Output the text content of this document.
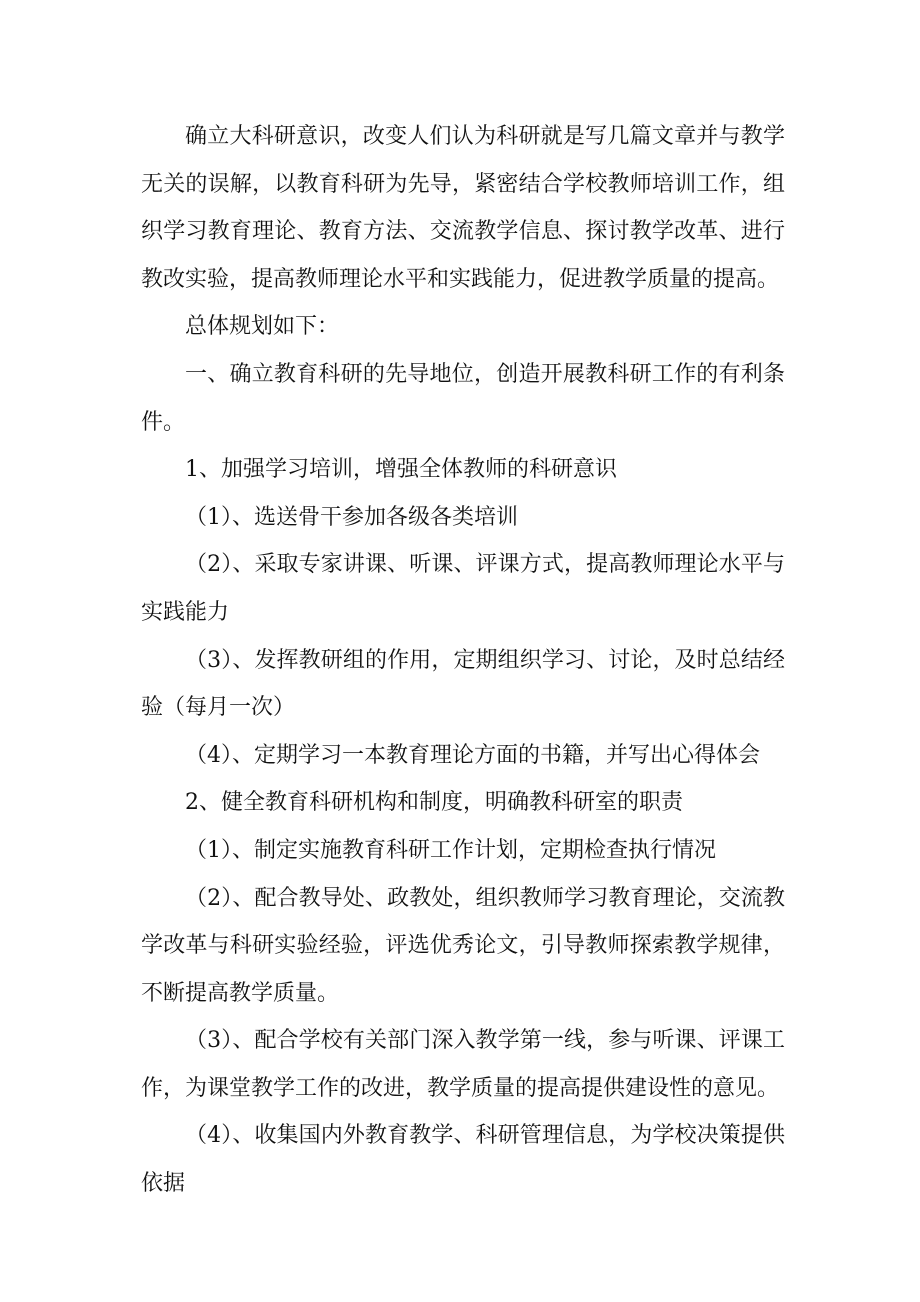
确立大科研意识，改变人们认为科研就是写几篇文章并与教学无关的误解，以教育科研为先导，紧密结合学校教师培训工作，组织学习教育理论、教育方法、交流教学信息、探讨教学改革、进行教改实验，提高教师理论水平和实践能力，促进教学质量的提高。

总体规划如下：

一、确立教育科研的先导地位，创造开展教科研工作的有利条件。

1、加强学习培训，增强全体教师的科研意识

（1）、选送骨干参加各级各类培训

（2）、采取专家讲课、听课、评课方式，提高教师理论水平与实践能力

（3）、发挥教研组的作用，定期组织学习、讨论，及时总结经验（每月一次）

（4）、定期学习一本教育理论方面的书籍，并写出心得体会

2、健全教育科研机构和制度，明确教科研室的职责

（1）、制定实施教育科研工作计划，定期检查执行情况

（2）、配合教导处、政教处，组织教师学习教育理论，交流教学改革与科研实验经验，评选优秀论文，引导教师探索教学规律，不断提高教学质量。

（3）、配合学校有关部门深入教学第一线，参与听课、评课工作，为课堂教学工作的改进，教学质量的提高提供建设性的意见。

（4）、收集国内外教育教学、科研管理信息，为学校决策提供依据
